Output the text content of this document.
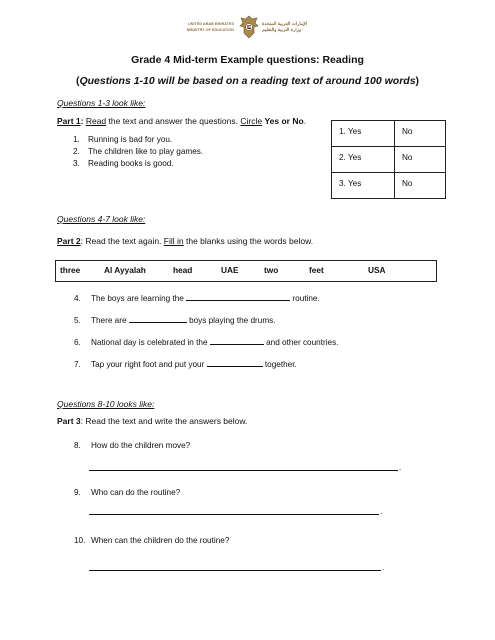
UNITED ARAB EMIRATES
MINISTRY OF EDUCATION
الإمارات العربية المتحدة
وزارة التربية والتعليم
Grade 4 Mid-term Example questions: Reading
(Questions 1-10 will be based on a reading text of around 100 words)
Questions 1-3 look like:
Part 1: Read the text and answer the questions. Circle Yes or No.
1. Running is bad for you.
2. The children like to play games.
3. Reading books is good.
1. Yes	No
2. Yes	No
3. Yes	No
Questions 4-7 look like:
Part 2: Read the text again. Fill in the blanks using the words below.
three	Al Ayyalah	head	UAE	two	feet	USA
4. The boys are learning the	routine.
5. There are	boys playing the drums.
6. National day is celebrated in the	and other countries.
7. Tap your right foot and put your	together.
Questions 8-10 looks like:
Part 3: Read the text and write the answers below.
8. How do the children move?
.
9. Who can do the routine?
.
10. When can the children do the routine?
.
